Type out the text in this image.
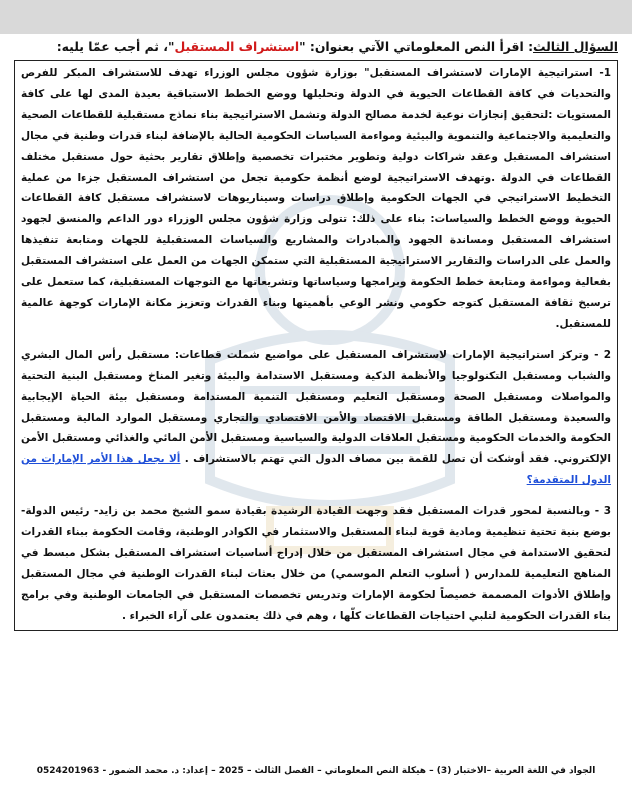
السؤال الثالث: اقرأ النص المعلوماتي الآتي بعنوان: "استشراف المستقبل"، ثم أجب عمّا يليه:

1- استراتيجية الإمارات لاستشراف المستقبل" بوزارة شؤون مجلس الوزراء تهدف للاستشراف المبكر للفرص والتحديات في كافة القطاعات الحيوية في الدولة وتحليلها ووضع الخطط الاستباقية بعيدة المدى لها على كافة المستويات :لتحقيق إنجازات نوعية لخدمة مصالح الدولة وتشمل الاستراتيجية بناء نماذج مستقبلية للقطاعات الصحية والتعليمية والاجتماعية والتنموية والبيئية ومواءمة السياسات الحكومية الحالية بالإضافة لبناء قدرات وطنية في مجال استشراف المستقبل وعقد شراكات دولية وتطوير مختبرات تخصصية وإطلاق تقارير بحثية حول مستقبل مختلف القطاعات في الدولة .وتهدف الاستراتيجية لوضع أنظمة حكومية تجعل من استشراف المستقبل جزءا من عملية التخطيط الاستراتيجي في الجهات الحكومية وإطلاق دراسات وسيناريوهات لاستشراف مستقبل كافة القطاعات الحيوية ووضع الخطط والسياسات: بناء على ذلك: تتولى وزارة شؤون مجلس الوزراء دور الداعم والمنسق لجهود استشراف المستقبل ومساندة الجهود والمبادرات والمشاريع والسياسات المستقبلية للجهات ومتابعة تنفيذها والعمل على الدراسات والتقارير الاستراتيجية المستقبلية التي ستمكن الجهات من العمل على استشراف المستقبل بفعالية ومواءمة ومتابعة خطط الحكومة وبرامجها وسياساتها وتشريعاتها مع التوجهات المستقبلية، كما ستعمل على ترسيخ ثقافة المستقبل كتوجه حكومي ونشر الوعي بأهميتها وبناء القدرات وتعزيز مكانة الإمارات كوجهة عالمية للمستقبل.

2 - وتركز استراتيجية الإمارات لاستشراف المستقبل على مواضيع شملت قطاعات: مستقبل رأس المال البشري والشباب ومستقبل التكنولوجيا والأنظمة الذكية ومستقبل الاستدامة والبيئة وتغير المناخ ومستقبل البنية التحتية والمواصلات ومستقبل الصحة ومستقبل التعليم ومستقبل التنمية المستدامة ومستقبل بيئة الحياة الإيجابية والسعيدة ومستقبل الطاقة ومستقبل الاقتصاد والأمن الاقتصادي والتجاري ومستقبل الموارد المالية ومستقبل الحكومة والخدمات الحكومية ومستقبل العلاقات الدولية والسياسية ومستقبل الأمن المائي والغذائي ومستقبل الأمن الإلكتروني. فقد أوشكت أن تصل للقمة بين مصاف الدول التي تهتم بالاستشراف . ألا يجعل هذا الأمر الإمارات من الدول المتقدمة؟

3 - وبالنسبة لمحور قدرات المستقبل فقد وجهت القيادة الرشيدة بقيادة سمو الشيخ محمد بن زايد- رئيس الدولة- بوضع بنية تحتية تنظيمية ومادية قوية لبناء المستقبل والاستثمار في الكوادر الوطنية، وقامت الحكومة ببناء القدرات لتحقيق الاستدامة في مجال استشراف المستقبل من خلال إدراج أساسيات استشراف المستقبل بشكل مبسط في المناهج التعليمية للمدارس ( أسلوب التعلم الموسمي) من خلال بعثات لبناء القدرات الوطنية في مجال المستقبل وإطلاق الأدوات المصممة خصيصاً لحكومة الإمارات وتدريس تخصصات المستقبل في الجامعات الوطنية وفي برامج بناء القدرات الحكومية لتلبي احتياجات القطاعات كلّها ، وهم في ذلك يعتمدون على آراء الخبراء .

الجواد في اللغة العربية –الاختبار (3) – هيكلة النص المعلوماتي – الفصل الثالث – 2025 – إعداد: د. محمد الضمور - 0524201963
